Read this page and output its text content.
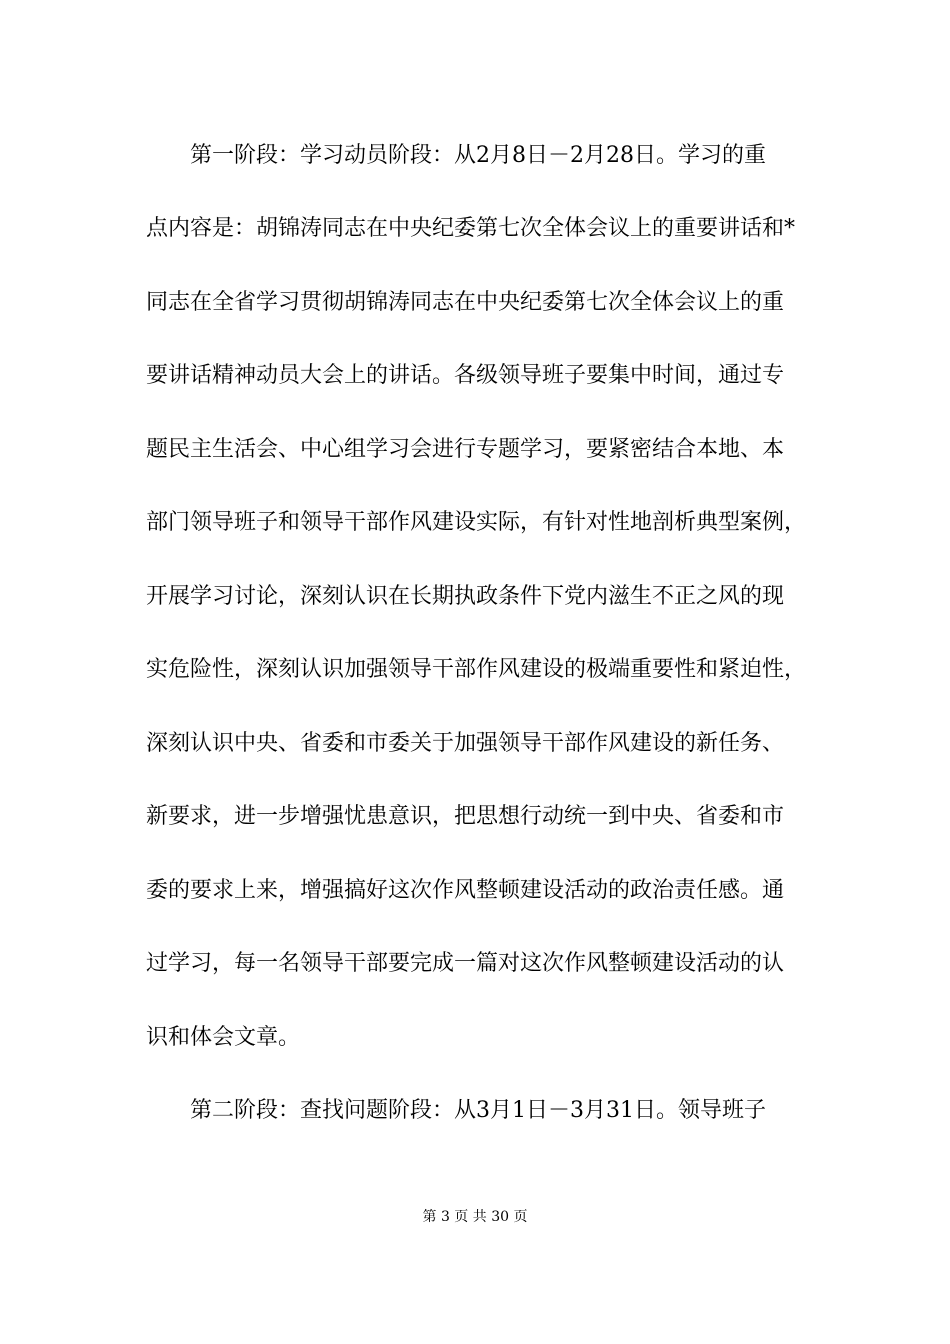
　　第一阶段：学习动员阶段：从2月8日－2月28日。学习的重
点内容是：胡锦涛同志在中央纪委第七次全体会议上的重要讲话和*
同志在全省学习贯彻胡锦涛同志在中央纪委第七次全体会议上的重
要讲话精神动员大会上的讲话。各级领导班子要集中时间，通过专
题民主生活会、中心组学习会进行专题学习，要紧密结合本地、本
部门领导班子和领导干部作风建设实际，有针对性地剖析典型案例，
开展学习讨论，深刻认识在长期执政条件下党内滋生不正之风的现
实危险性，深刻认识加强领导干部作风建设的极端重要性和紧迫性，
深刻认识中央、省委和市委关于加强领导干部作风建设的新任务、
新要求，进一步增强忧患意识，把思想行动统一到中央、省委和市
委的要求上来，增强搞好这次作风整顿建设活动的政治责任感。通
过学习，每一名领导干部要完成一篇对这次作风整顿建设活动的认
识和体会文章。
　　第二阶段：查找问题阶段：从3月1日－3月31日。领导班子
第 3 页 共 30 页
